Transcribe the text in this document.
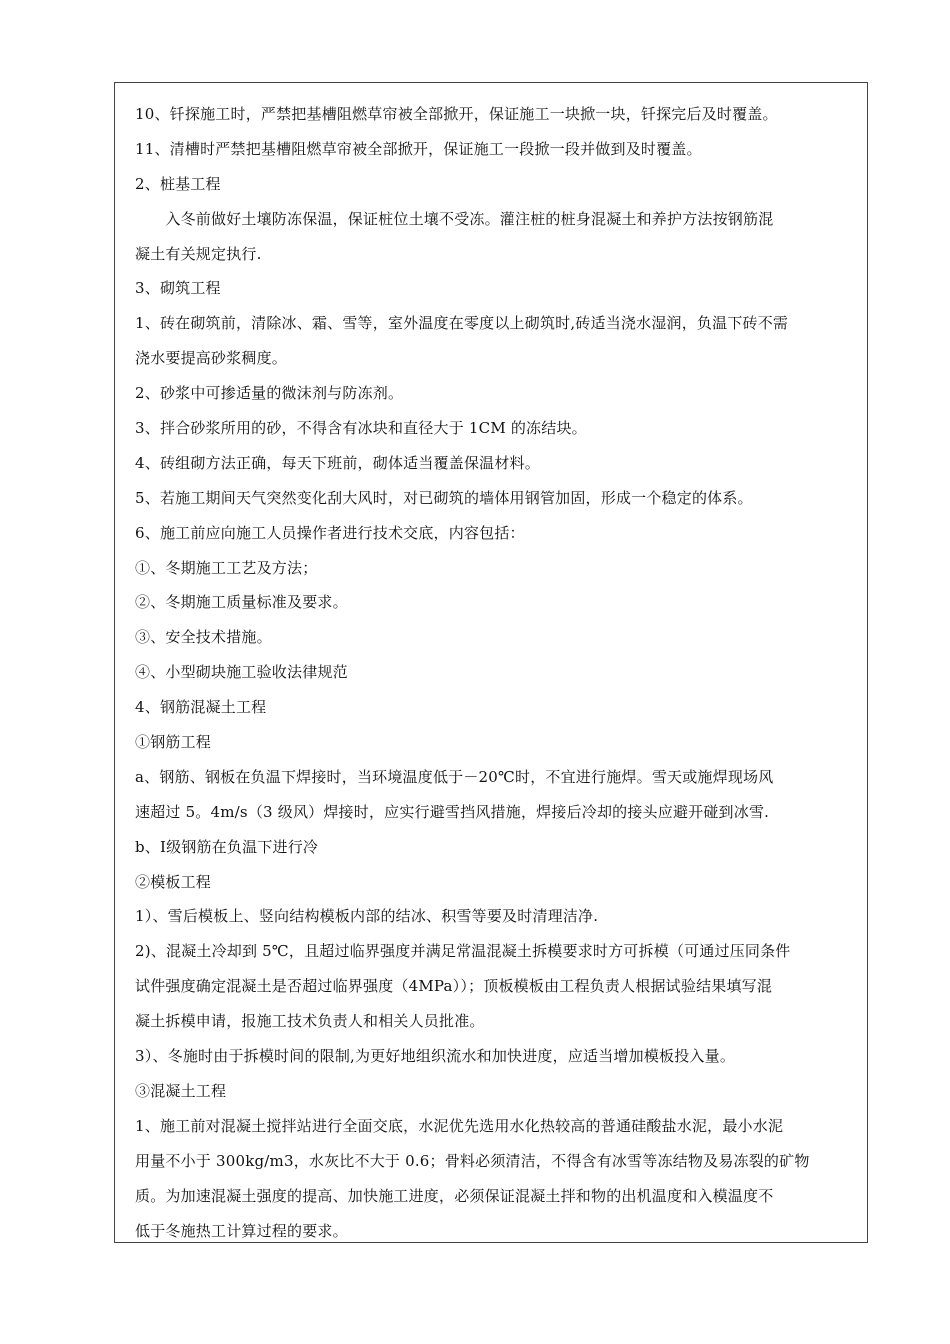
10、钎探施工时，严禁把基槽阻燃草帘被全部掀开，保证施工一块掀一块，钎探完后及时覆盖。
11、清槽时严禁把基槽阻燃草帘被全部掀开，保证施工一段掀一段并做到及时覆盖。
2、桩基工程
　　入冬前做好土壤防冻保温，保证桩位土壤不受冻。灌注桩的桩身混凝土和养护方法按钢筋混
凝土有关规定执行.
3、砌筑工程
1、砖在砌筑前，清除冰、霜、雪等，室外温度在零度以上砌筑时,砖适当浇水湿润，负温下砖不需
浇水要提高砂浆稠度。
2、砂浆中可掺适量的微沫剂与防冻剂。
3、拌合砂浆所用的砂，不得含有冰块和直径大于 1CM 的冻结块。
4、砖组砌方法正确，每天下班前，砌体适当覆盖保温材料。
5、若施工期间天气突然变化刮大风时，对已砌筑的墙体用钢管加固，形成一个稳定的体系。
6、施工前应向施工人员操作者进行技术交底，内容包括：
①、冬期施工工艺及方法；
②、冬期施工质量标准及要求。
③、安全技术措施。
④、小型砌块施工验收法律规范
4、钢筋混凝土工程
①钢筋工程
a、钢筋、钢板在负温下焊接时，当环境温度低于－20℃时，不宜进行施焊。雪天或施焊现场风
速超过 5。4m/s（3 级风）焊接时，应实行避雪挡风措施，焊接后冷却的接头应避开碰到冰雪.
b、Ⅰ级钢筋在负温下进行冷
②模板工程
1）、雪后模板上、竖向结构模板内部的结冰、积雪等要及时清理洁净.
2)、混凝土冷却到 5℃，且超过临界强度并满足常温混凝土拆模要求时方可拆模（可通过压同条件
试件强度确定混凝土是否超过临界强度（4MPa））；顶板模板由工程负责人根据试验结果填写混
凝土拆模申请，报施工技术负责人和相关人员批准。
3）、冬施时由于拆模时间的限制,为更好地组织流水和加快进度，应适当增加模板投入量。
③混凝土工程
1、施工前对混凝土搅拌站进行全面交底，水泥优先选用水化热较高的普通硅酸盐水泥，最小水泥
用量不小于 300kg/m3，水灰比不大于 0.6；骨料必须清洁，不得含有冰雪等冻结物及易冻裂的矿物
质。为加速混凝土强度的提高、加快施工进度，必须保证混凝土拌和物的出机温度和入模温度不
低于冬施热工计算过程的要求。
